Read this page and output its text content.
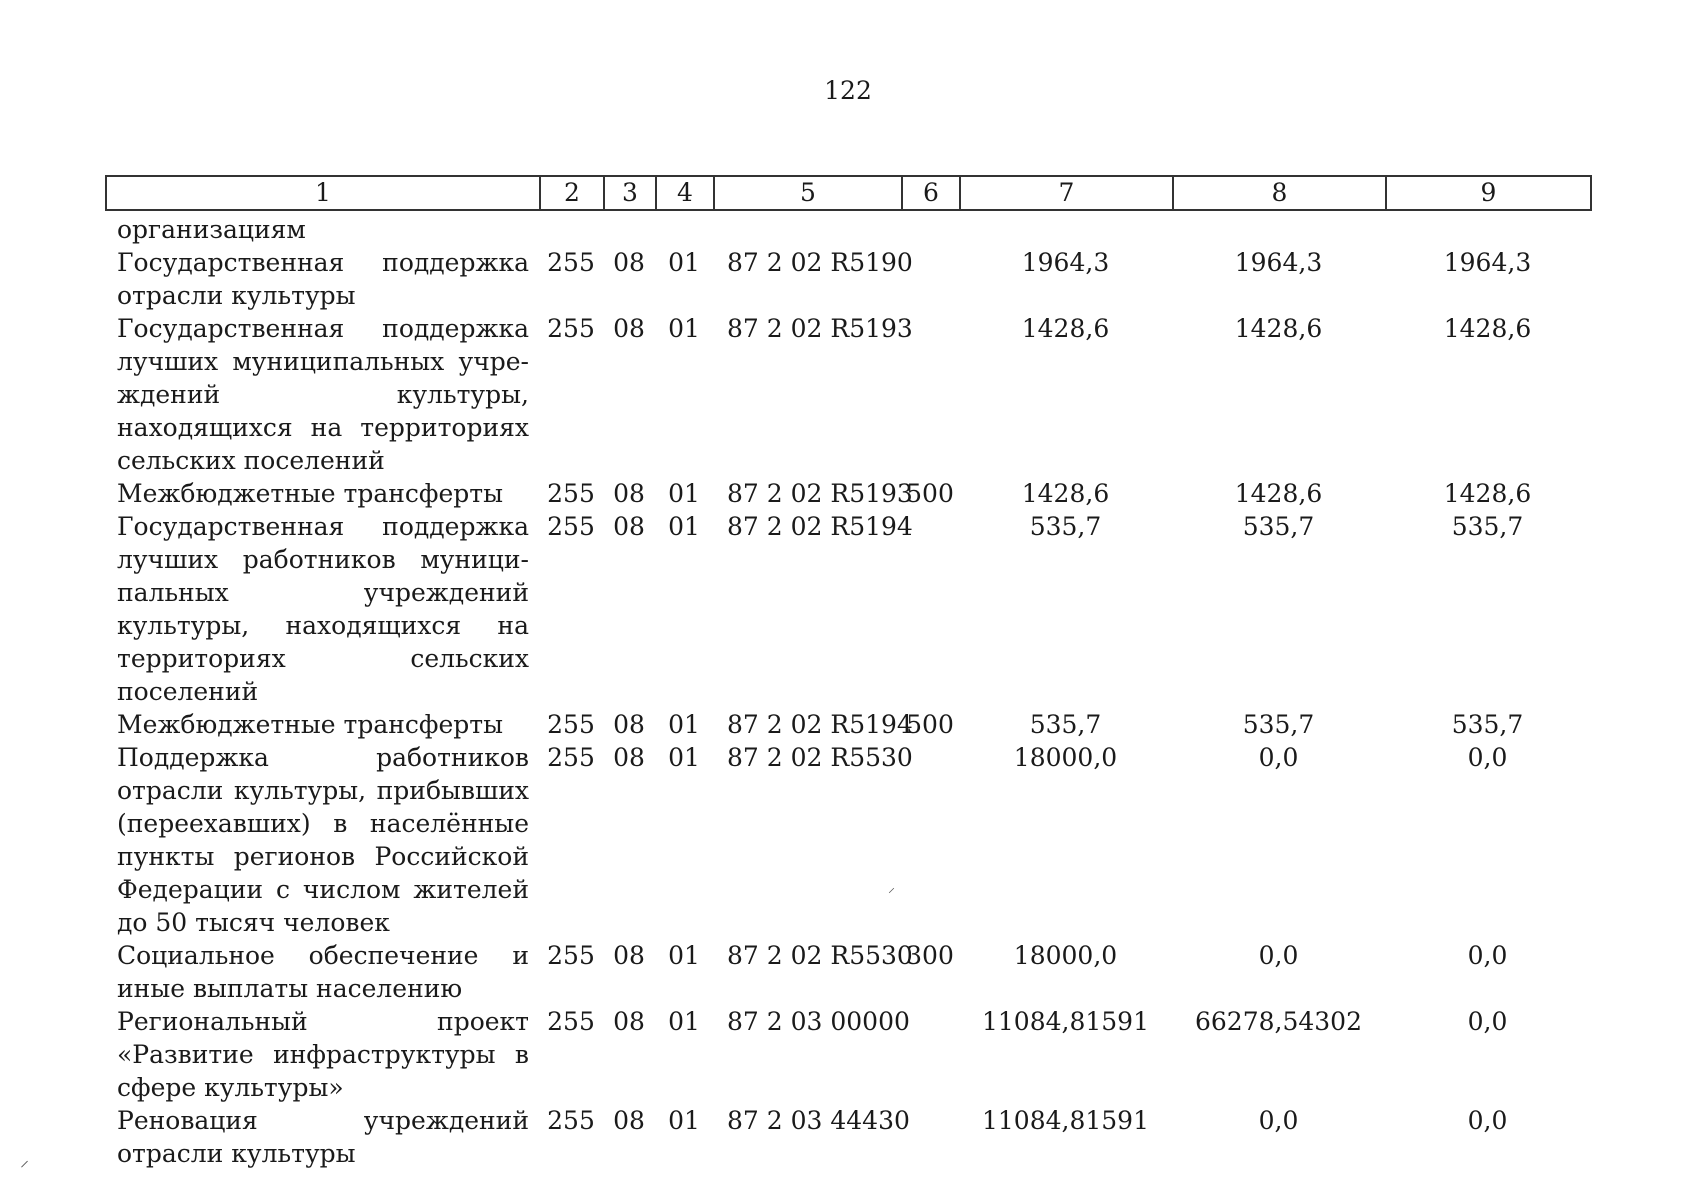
122
1	2	3	4	5	6	7	8	9
организациям								
Государственная поддержка отрасли культуры	255	08	01	87 2 02 R5190		1964,3	1964,3	1964,3
Государственная поддержка лучших муниципальных учреждений культуры, находящихся на территориях сельских поселений	255	08	01	87 2 02 R5193		1428,6	1428,6	1428,6
Межбюджетные трансферты	255	08	01	87 2 02 R5193	500	1428,6	1428,6	1428,6
Государственная поддержка лучших работников муниципальных учреждений культуры, находящихся на территориях сельских поселений	255	08	01	87 2 02 R5194		535,7	535,7	535,7
Межбюджетные трансферты	255	08	01	87 2 02 R5194	500	535,7	535,7	535,7
Поддержка работников отрасли культуры, прибывших (переехавших) в населённые пункты регионов Российской Федерации с числом жителей до 50 тысяч человек	255	08	01	87 2 02 R5530		18000,0	0,0	0,0
Социальное обеспечение и иные выплаты населению	255	08	01	87 2 02 R5530	300	18000,0	0,0	0,0
Региональный проект «Развитие инфраструктуры в сфере культуры»	255	08	01	87 2 03 00000		11084,81591	66278,54302	0,0
Реновация учреждений отрасли культуры	255	08	01	87 2 03 44430		11084,81591	0,0	0,0
⸝
⸝
